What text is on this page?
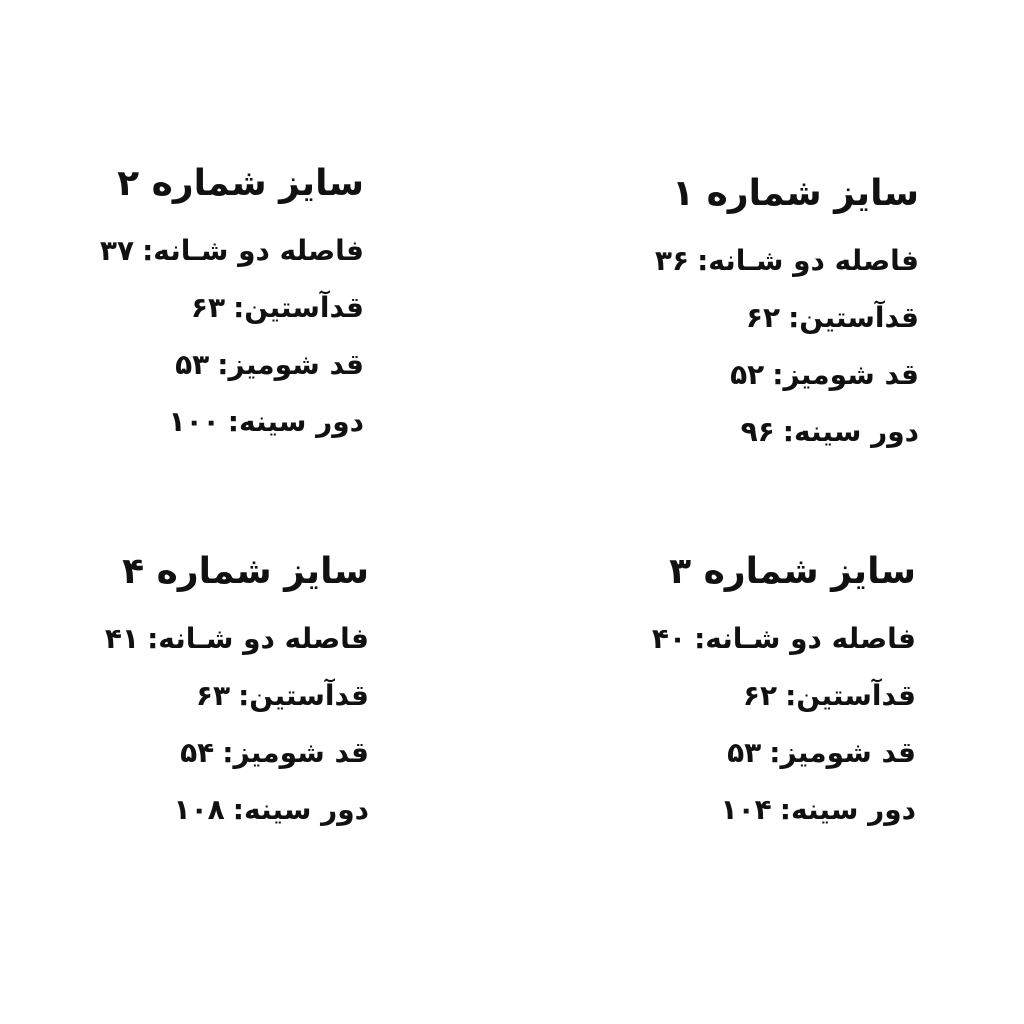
سایز شماره ۱
فاصله دو شـانه:۳۶
قدآستین:۶۲
قد شومیز:۵۲
دور سینه:۹۶
سایز شماره ۲
فاصله دو شـانه:۳۷
قدآستین:۶۳
قد شومیز:۵۳
دور سینه:۱۰۰
سایز شماره ۳
فاصله دو شـانه:۴۰
قدآستین:۶۲
قد شومیز:۵۳
دور سینه:۱۰۴
سایز شماره ۴
فاصله دو شـانه:۴۱
قدآستین:۶۳
قد شومیز:۵۴
دور سینه:۱۰۸
